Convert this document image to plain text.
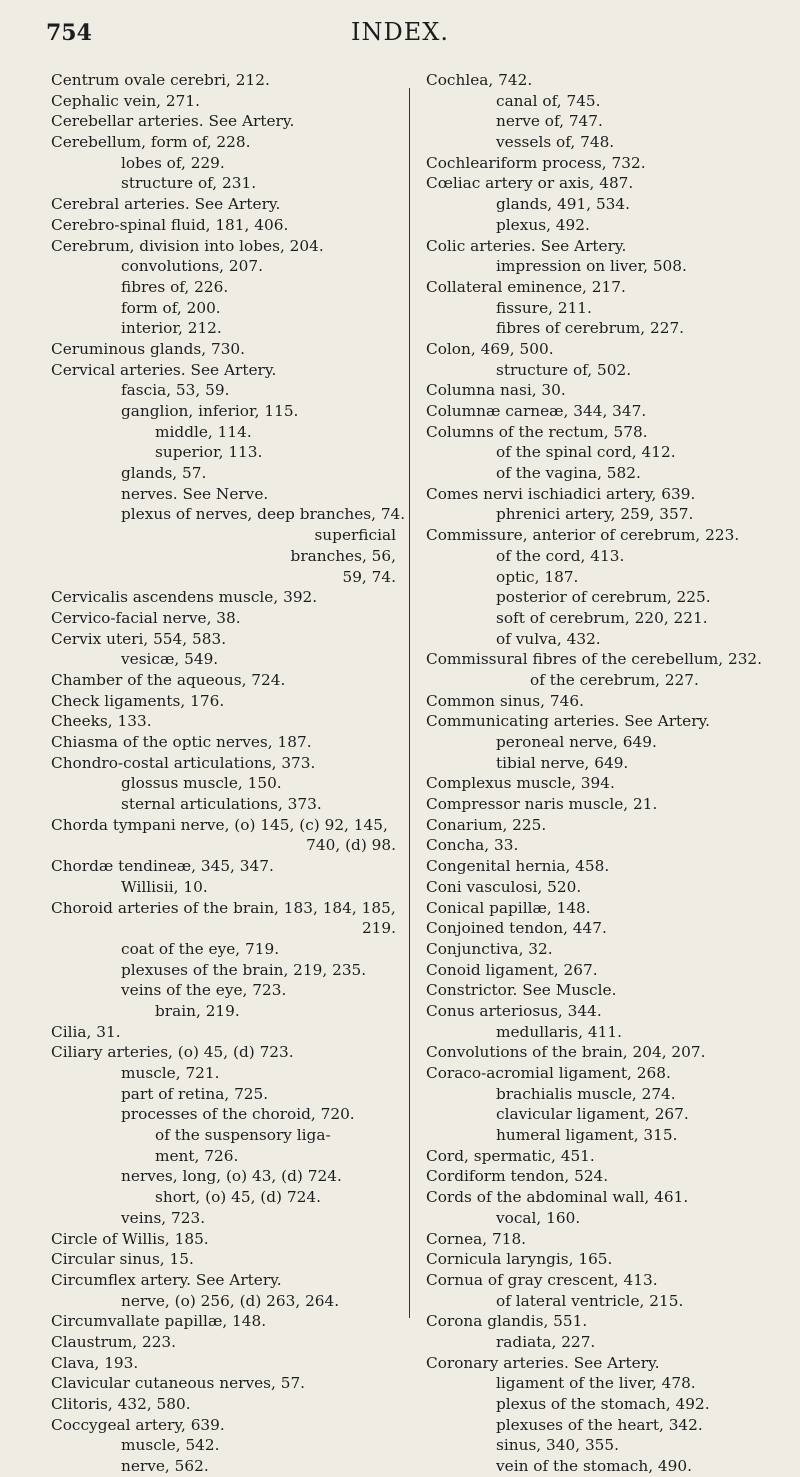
754	INDEX.
Centrum ovale cerebri, 212.
Cephalic vein, 271.
Cerebellar arteries. See Artery.
Cerebellum, form of, 228.
lobes of, 229.
structure of, 231.
Cerebral arteries. See Artery.
Cerebro-spinal fluid, 181, 406.
Cerebrum, division into lobes, 204.
convolutions, 207.
fibres of, 226.
form of, 200.
interior, 212.
Ceruminous glands, 730.
Cervical arteries. See Artery.
fascia, 53, 59.
ganglion, inferior, 115.
middle, 114.
superior, 113.
glands, 57.
nerves. See Nerve.
plexus of nerves, deep branches, 74.
superficial
branches, 56,
59, 74.
Cervicalis ascendens muscle, 392.
Cervico-facial nerve, 38.
Cervix uteri, 554, 583.
vesicæ, 549.
Chamber of the aqueous, 724.
Check ligaments, 176.
Cheeks, 133.
Chiasma of the optic nerves, 187.
Chondro-costal articulations, 373.
glossus muscle, 150.
sternal articulations, 373.
Chorda tympani nerve, (o) 145, (c) 92, 145,
740, (d) 98.
Chordæ tendineæ, 345, 347.
Willisii, 10.
Choroid arteries of the brain, 183, 184, 185,
219.
coat of the eye, 719.
plexuses of the brain, 219, 235.
veins of the eye, 723.
brain, 219.
Cilia, 31.
Ciliary arteries, (o) 45, (d) 723.
muscle, 721.
part of retina, 725.
processes of the choroid, 720.
of the suspensory liga-
ment, 726.
nerves, long, (o) 43, (d) 724.
short, (o) 45, (d) 724.
veins, 723.
Circle of Willis, 185.
Circular sinus, 15.
Circumflex artery. See Artery.
nerve, (o) 256, (d) 263, 264.
Circumvallate papillæ, 148.
Claustrum, 223.
Clava, 193.
Clavicular cutaneous nerves, 57.
Clitoris, 432, 580.
Coccygeal artery, 639.
muscle, 542.
nerve, 562.
Cochlea, 742.
canal of, 745.
nerve of, 747.
vessels of, 748.
Cochleariform process, 732.
Cœliac artery or axis, 487.
glands, 491, 534.
plexus, 492.
Colic arteries. See Artery.
impression on liver, 508.
Collateral eminence, 217.
fissure, 211.
fibres of cerebrum, 227.
Colon, 469, 500.
structure of, 502.
Columna nasi, 30.
Columnæ carneæ, 344, 347.
Columns of the rectum, 578.
of the spinal cord, 412.
of the vagina, 582.
Comes nervi ischiadici artery, 639.
phrenici artery, 259, 357.
Commissure, anterior of cerebrum, 223.
of the cord, 413.
optic, 187.
posterior of cerebrum, 225.
soft of cerebrum, 220, 221.
of vulva, 432.
Commissural fibres of the cerebellum, 232.
of the cerebrum, 227.
Common sinus, 746.
Communicating arteries. See Artery.
peroneal nerve, 649.
tibial nerve, 649.
Complexus muscle, 394.
Compressor naris muscle, 21.
Conarium, 225.
Concha, 33.
Congenital hernia, 458.
Coni vasculosi, 520.
Conical papillæ, 148.
Conjoined tendon, 447.
Conjunctiva, 32.
Conoid ligament, 267.
Constrictor. See Muscle.
Conus arteriosus, 344.
medullaris, 411.
Convolutions of the brain, 204, 207.
Coraco-acromial ligament, 268.
brachialis muscle, 274.
clavicular ligament, 267.
humeral ligament, 315.
Cord, spermatic, 451.
Cordiform tendon, 524.
Cords of the abdominal wall, 461.
vocal, 160.
Cornea, 718.
Cornicula laryngis, 165.
Cornua of gray crescent, 413.
of lateral ventricle, 215.
Corona glandis, 551.
radiata, 227.
Coronary arteries. See Artery.
ligament of the liver, 478.
plexus of the stomach, 492.
plexuses of the heart, 342.
sinus, 340, 355.
vein of the stomach, 490.
